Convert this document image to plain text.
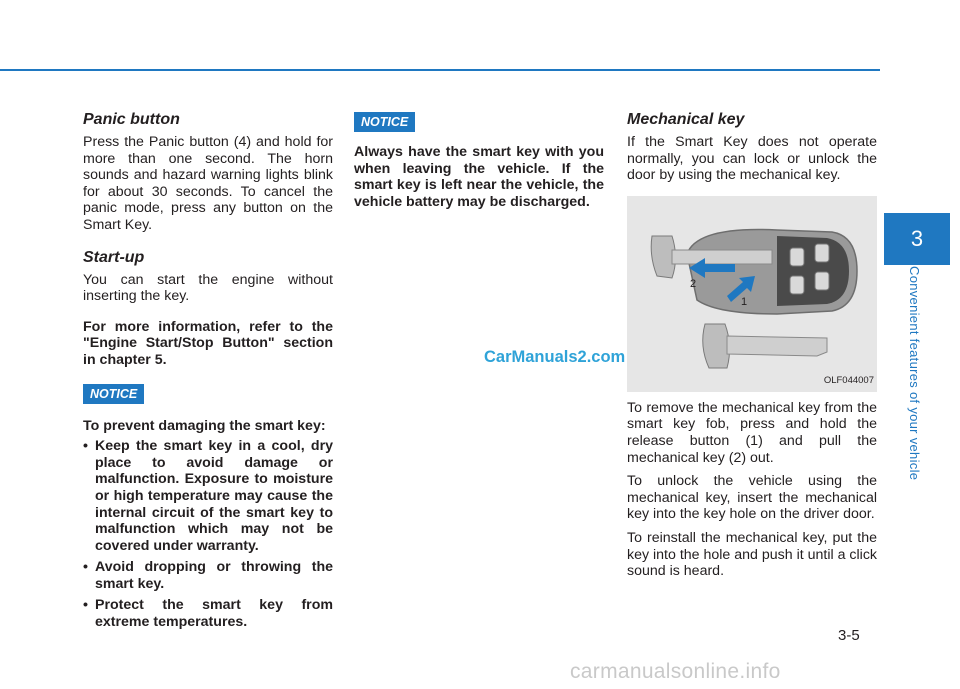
Panic button

Press the Panic button (4) and hold for more than one second. The horn sounds and hazard warning lights blink for about 30 seconds. To cancel the panic mode, press any button on the Smart Key.

Start-up

You can start the engine without inserting the key.

For more information, refer to the "Engine Start/Stop Button" section in chapter 5.

NOTICE

To prevent damaging the smart key:

• Keep the smart key in a cool, dry place to avoid damage or malfunction. Exposure to moisture or high temperature may cause the internal circuit of the smart key to malfunction which may not be covered under warranty.
• Avoid dropping or throwing the smart key.
• Protect the smart key from extreme temperatures.
NOTICE

Always have the smart key with you when leaving the vehicle. If the smart key is left near the vehicle, the vehicle battery may be discharged.

Mechanical key

If the Smart Key does not operate normally, you can lock or unlock the door by using the mechanical key.

2
1
OLF044007

To remove the mechanical key from the smart key fob, press and hold the release button (1) and pull the mechanical key (2) out.

To unlock the vehicle using the mechanical key, insert the mechanical key into the key hole on the driver door.

To reinstall the mechanical key, put the key into the hole and push it until a click sound is heard.

CarManuals2.com
3
Convenient features of your vehicle
3-5
carmanualsonline.info
